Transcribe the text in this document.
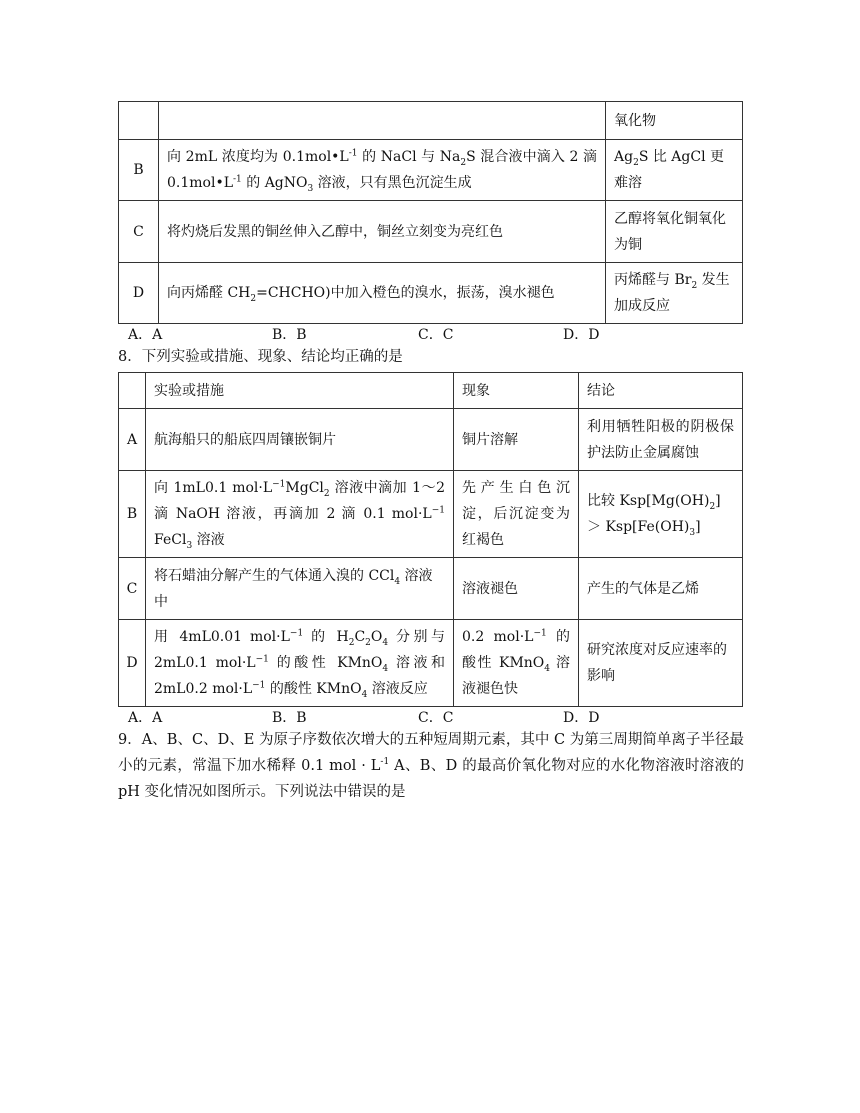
		氧化物
B	向 2mL 浓度均为 $0.1mol•L^{-1}$ 的 NaCl 与 $Na_2S$ 混合液中滴入 2 滴 $0.1mol•L^{-1}$ 的 AgNO$_3$ 溶液，只有黑色沉淀生成	$Ag_2S$ 比 AgCl 更难溶
C	将灼烧后发黑的铜丝伸入乙醇中，铜丝立刻变为亮红色	乙醇将氧化铜氧化为铜
D	向丙烯醛 $CH_2=CHCHO$)中加入橙色的溴水，振荡，溴水褪色	丙烯醛与 $Br_2$ 发生加成反应
A．A	B．B	C．C	D．D
8．下列实验或措施、现象、结论均正确的是
	实验或措施	现象	结论
A	航海船只的船底四周镶嵌铜片	铜片溶解	利用牺牲阳极的阴极保护法防止金属腐蚀
B	向 1mL0.1 $mol\cdot L^{-1}MgCl_2$ 溶液中滴加 1～2 滴 NaOH 溶液，再滴加 2 滴 0.1 $mol\cdot L^{-1}$ FeCl$_3$ 溶液	先产生白色沉淀，后沉淀变为红褐色	比较 $Ksp[Mg(OH)_2] > Ksp[Fe(OH)_3]$
C	将石蜡油分解产生的气体通入溴的 CCl$_4$ 溶液中	溶液褪色	产生的气体是乙烯
D	用 4mL0.01 $mol\cdot L^{-1}$ 的 $H_2C_2O_4$ 分别与 2mL0.1 $mol\cdot L^{-1}$ 的酸性 KMnO$_4$ 溶液和 2mL0.2 $mol\cdot L^{-1}$ 的酸性 KMnO$_4$ 溶液反应	0.2 $mol\cdot L^{-1}$ 的酸性 KMnO$_4$ 溶液褪色快	研究浓度对反应速率的影响
A．A	B．B	C．C	D．D
9．A、B、C、D、E 为原子序数依次增大的五种短周期元素，其中 C 为第三周期简单离子半径最小的元素，常温下加水稀释 0.1 mol · $L^{-1}$ A、B、D 的最高价氧化物对应的水化物溶液时溶液的 pH 变化情况如图所示。下列说法中错误的是
